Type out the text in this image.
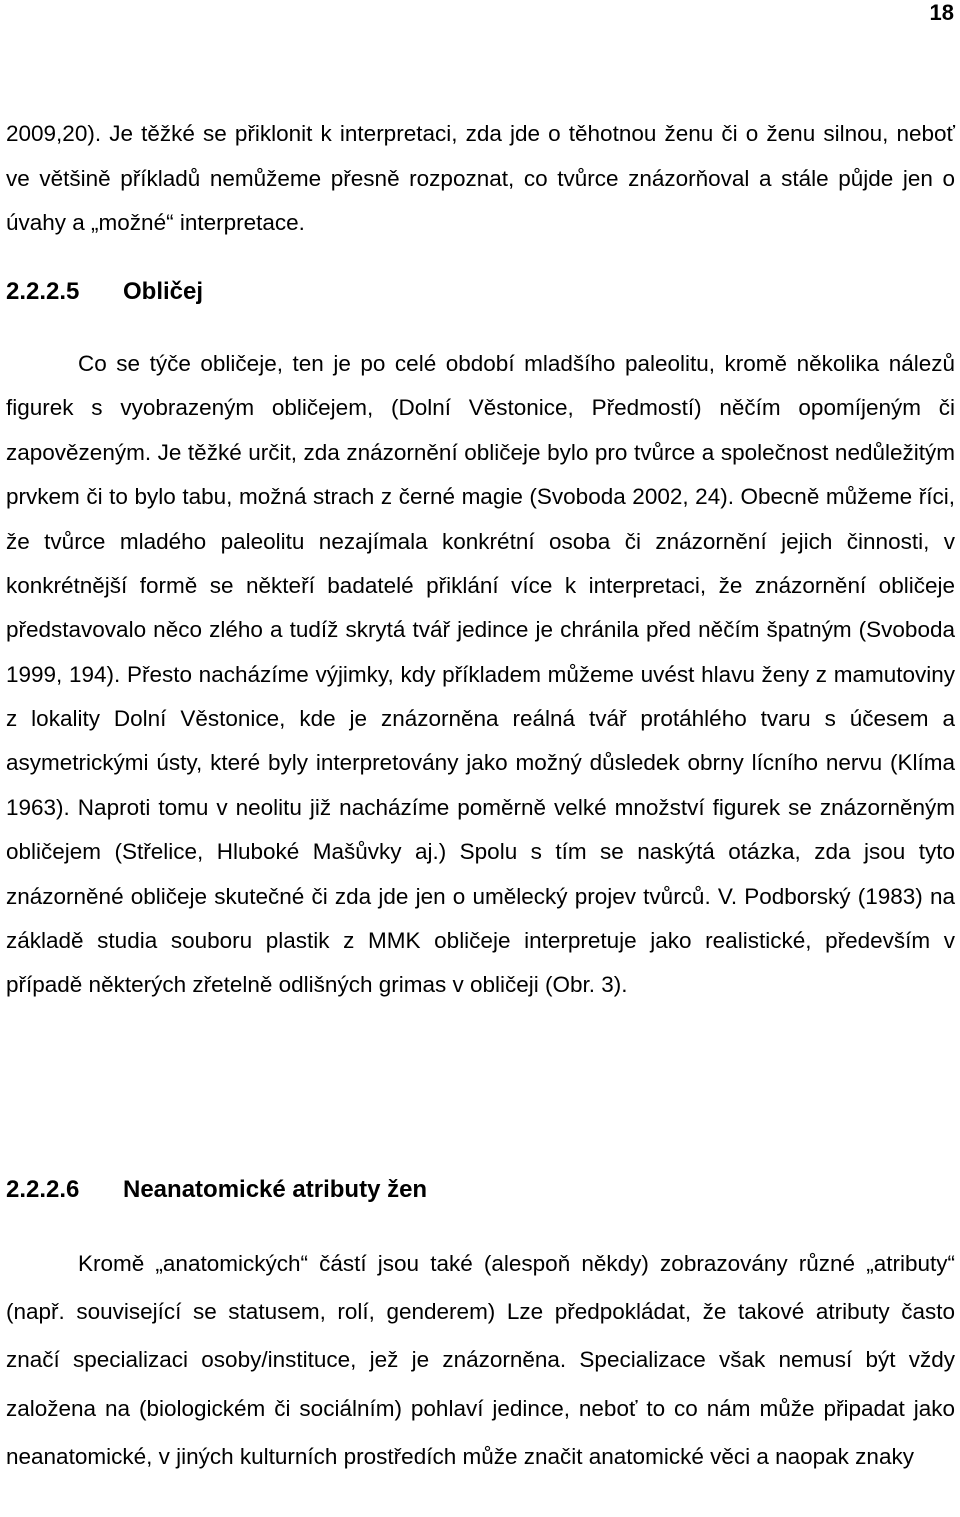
18

2009,20). Je těžké se přiklonit k interpretaci, zda jde o těhotnou ženu či o ženu silnou, neboť ve většině příkladů nemůžeme přesně rozpoznat, co tvůrce znázorňoval a stále půjde jen o úvahy a „možné“ interpretace.

2.2.2.5 Obličej

Co se týče obličeje, ten je po celé období mladšího paleolitu, kromě několika nálezů figurek s vyobrazeným obličejem, (Dolní Věstonice, Předmostí) něčím opomíjeným či zapovězeným. Je těžké určit, zda znázornění obličeje bylo pro tvůrce a společnost nedůležitým prvkem či to bylo tabu, možná strach z černé magie (Svoboda 2002, 24). Obecně můžeme říci, že tvůrce mladého paleolitu nezajímala konkrétní osoba či znázornění jejich činnosti, v konkrétnější formě se někteří badatelé přiklání více k interpretaci, že znázornění obličeje představovalo něco zlého a tudíž skrytá tvář jedince je chránila před něčím špatným (Svoboda 1999, 194). Přesto nacházíme výjimky, kdy příkladem můžeme uvést hlavu ženy z mamutoviny z lokality Dolní Věstonice, kde je znázorněna reálná tvář protáhlého tvaru s účesem a asymetrickými ústy, které byly interpretovány jako možný důsledek obrny lícního nervu (Klíma 1963). Naproti tomu v neolitu již nacházíme poměrně velké množství figurek se znázorněným obličejem (Střelice, Hluboké Mašůvky aj.) Spolu s tím se naskýtá otázka, zda jsou tyto znázorněné obličeje skutečné či zda jde jen o umělecký projev tvůrců. V. Podborský (1983) na základě studia souboru plastik z MMK obličeje interpretuje jako realistické, především v případě některých zřetelně odlišných grimas v obličeji (Obr. 3).

2.2.2.6 Neanatomické atributy žen

Kromě „anatomických“ částí jsou také (alespoň někdy) zobrazovány různé „atributy“ (např. související se statusem, rolí, genderem) Lze předpokládat, že takové atributy často značí specializaci osoby/instituce, jež je znázorněna. Specializace však nemusí být vždy založena na (biologickém či sociálním) pohlaví jedince, neboť to co nám může připadat jako neanatomické, v jiných kulturních prostředích může značit anatomické věci a naopak znaky
